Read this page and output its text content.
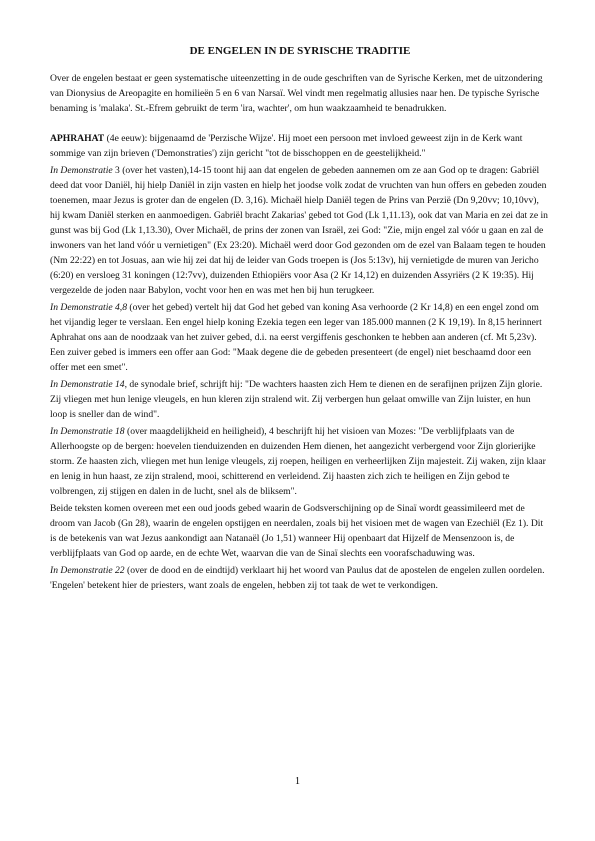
DE ENGELEN IN DE SYRISCHE TRADITIE

Over de engelen bestaat er geen systematische uiteenzetting in de oude geschriften van de Syrische Kerken, met de uitzondering van Dionysius de Areopagite en homilieën 5 en 6 van Narsaï. Wel vindt men regelmatig allusies naar hen. De typische Syrische benaming is 'malaka'. St.-Efrem gebruikt de term 'ira, wachter', om hun waakzaamheid te benadrukken.

APHRAHAT (4e eeuw): bijgenaamd de 'Perzische Wijze'. Hij moet een persoon met invloed geweest zijn in de Kerk want sommige van zijn brieven ('Demonstraties') zijn gericht "tot de bisschoppen en de geestelijkheid."

In Demonstratie 3 (over het vasten),14-15 toont hij aan dat engelen de gebeden aannemen om ze aan God op te dragen: Gabriël deed dat voor Daniël, hij hielp Daniël in zijn vasten en hielp het joodse volk zodat de vruchten van hun offers en gebeden zouden toenemen, maar Jezus is groter dan de engelen (D. 3,16). Michaël hielp Daniël tegen de Prins van Perzië (Dn 9,20vv; 10,10vv), hij kwam Daniël sterken en aanmoedigen. Gabriël bracht Zakarias' gebed tot God (Lk 1,11.13), ook dat van Maria en zei dat ze in gunst was bij God (Lk 1,13.30), Over Michaël, de prins der zonen van Israël, zei God: "Zie, mijn engel zal vóór u gaan en zal de inwoners van het land vóór u vernietigen" (Ex 23:20). Michaël werd door God gezonden om de ezel van Balaam tegen te houden (Nm 22:22) en tot Josuas, aan wie hij zei dat hij de leider van Gods troepen is (Jos 5:13v), hij vernietigde de muren van Jericho (6:20) en versloeg 31 koningen (12:7vv), duizenden Ethiopiërs voor Asa (2 Kr 14,12) en duizenden Assyriërs (2 K 19:35). Hij vergezelde de joden naar Babylon, vocht voor hen en was met hen bij hun terugkeer.

In Demonstratie 4,8 (over het gebed) vertelt hij dat God het gebed van koning Asa verhoorde (2 Kr 14,8) en een engel zond om het vijandig leger te verslaan. Een engel hielp koning Ezekia tegen een leger van 185.000 mannen (2 K 19,19). In 8,15 herinnert Aphrahat ons aan de noodzaak van het zuiver gebed, d.i. na eerst vergiffenis geschonken te hebben aan anderen (cf. Mt 5,23v). Een zuiver gebed is immers een offer aan God: "Maak degene die de gebeden presenteert (de engel) niet beschaamd door een offer met een smet".

In Demonstratie 14, de synodale brief, schrijft hij: "De wachters haasten zich Hem te dienen en de serafijnen prijzen Zijn glorie. Zij vliegen met hun lenige vleugels, en hun kleren zijn stralend wit. Zij verbergen hun gelaat omwille van Zijn luister, en hun loop is sneller dan de wind".

In Demonstratie 18 (over maagdelijkheid en heiligheid), 4 beschrijft hij het visioen van Mozes: "De verblijfplaats van de Allerhoogste op de bergen: hoevelen tienduizenden en duizenden Hem dienen, het aangezicht verbergend voor Zijn glorierijke storm. Ze haasten zich, vliegen met hun lenige vleugels, zij roepen, heiligen en verheerlijken Zijn majesteit. Zij waken, zijn klaar en lenig in hun haast, ze zijn stralend, mooi, schitterend en verleidend. Zij haasten zich zich te heiligen en Zijn gebod te volbrengen, zij stijgen en dalen in de lucht, snel als de bliksem".

Beide teksten komen overeen met een oud joods gebed waarin de Godsverschijning op de Sinaï wordt geassimileerd met de droom van Jacob (Gn 28), waarin de engelen opstijgen en neerdalen, zoals bij het visioen met de wagen van Ezechiël (Ez 1). Dit is de betekenis van wat Jezus aankondigt aan Natanaël (Jo 1,51) wanneer Hij openbaart dat Hijzelf de Mensenzoon is, de verblijfplaats van God op aarde, en de echte Wet, waarvan die van de Sinaï slechts een voorafschaduwing was.

In Demonstratie 22 (over de dood en de eindtijd) verklaart hij het woord van Paulus dat de apostelen de engelen zullen oordelen. 'Engelen' betekent hier de priesters, want zoals de engelen, hebben zij tot taak de wet te verkondigen.

1
